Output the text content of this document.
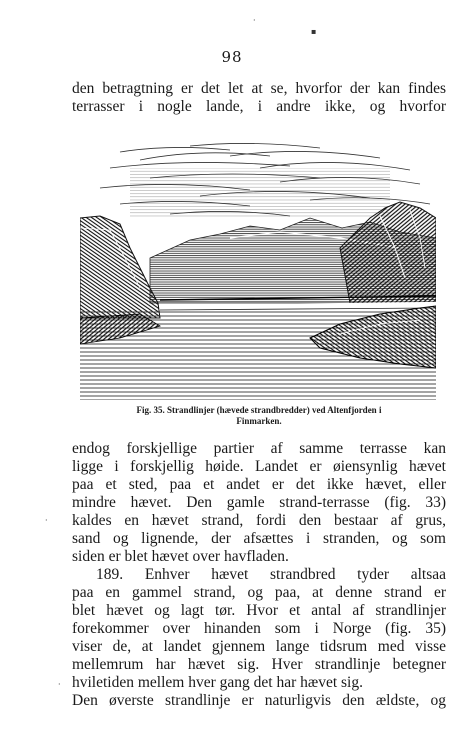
·
▪
98
den betragtning er det let at se, hvorfor der kan findes
terrasser i nogle lande, i andre ikke, og hvorfor
Fig. 35. Strandlinjer (hævede strandbredder) ved Altenfjorden i
Finmarken.
endog forskjellige partier af samme terrasse kan
ligge i forskjellig høide. Landet er øiensynlig hævet
paa et sted, paa et andet er det ikke hævet, eller
mindre hævet. Den gamle strand-terrasse (fig. 33)
kaldes en hævet strand, fordi den bestaar af grus,
sand og lignende, der afsættes i stranden, og som
siden er blet hævet over havfladen.
189. Enhver hævet strandbred tyder altsaa
paa en gammel strand, og paa, at denne strand er
blet hævet og lagt tør. Hvor et antal af strandlinjer
forekommer over hinanden som i Norge (fig. 35)
viser de, at landet gjennem lange tidsrum med visse
mellemrum har hævet sig. Hver strandlinje betegner
hviletiden mellem hver gang det har hævet sig.
Den øverste strandlinje er naturligvis den ældste, og
·
·
